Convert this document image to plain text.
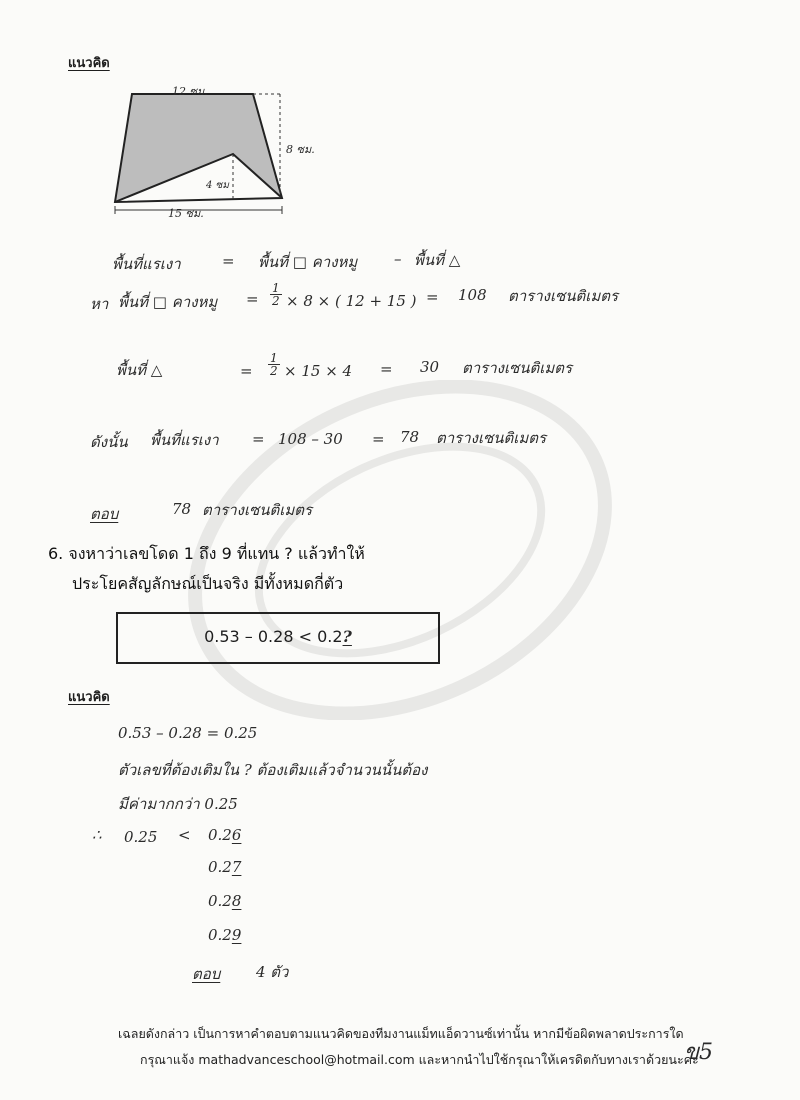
แนวคิด
12 ซม.
8 ซม.
4 ซม
15 ซม.
พื้นที่แรเงา	= พื้นที่ □ คางหมู – พื้นที่ △
หา พื้นที่ □ คางหมู = $\frac{1}{2} \times 8$ × ( 12 + 15 ) = 108 ตารางเซนติเมตร
พื้นที่ △	= $\frac{1}{2} \times 15 \times 4 = 30$ ตารางเซนติเมตร
ดังนั้น พื้นที่แรเงา = 108 – 30 = 78 ตารางเซนติเมตร
ตอบ	78 ตารางเซนติเมตร
6. จงหาว่าเลขโดด 1 ถึง 9 ที่แทน ? แล้วทำให้
ประโยคสัญลักษณ์เป็นจริง มีทั้งหมดกี่ตัว
0.53 – 0.28 < 0.2?
แนวคิด
0.53 – 0.28 = 0.25
ตัวเลขที่ต้องเติมใน ? ต้องเติมแล้วจำนวนนั้นต้อง
มีค่ามากกว่า 0.25
∴ 0.25 < 0.26
0.27
0.28
0.29
ตอบ 4 ตัว
เฉลยดังกล่าว เป็นการหาคำตอบตามแนวคิดของทีมงานแม็ทแอ็ดวานซ์เท่านั้น หากมีข้อผิดพลาดประการใด
กรุณาแจ้ง mathadvanceschool@hotmail.com และหากนำไปใช้กรุณาให้เครดิตกับทางเราด้วยนะคะ
ข5
